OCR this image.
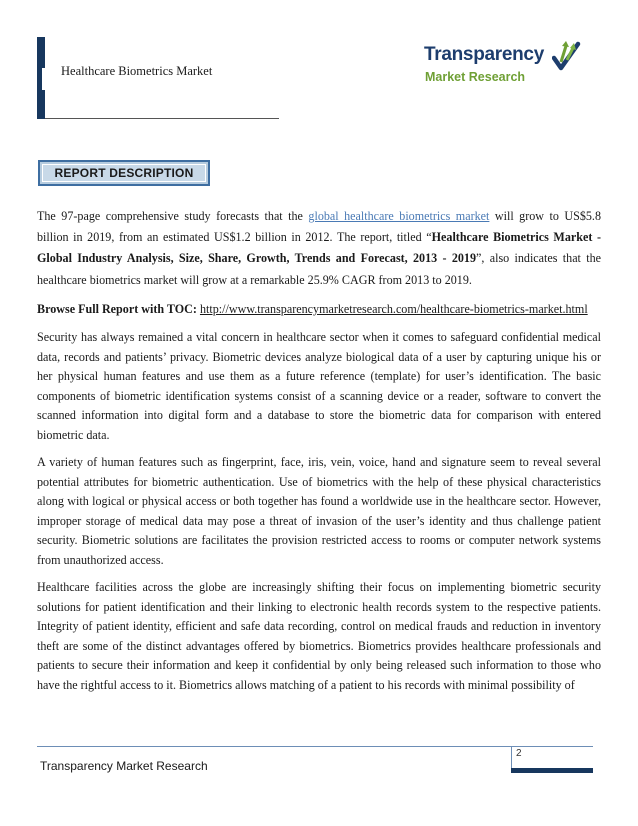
Healthcare Biometrics Market
Transparency
Market Research
REPORT DESCRIPTION

The 97-page comprehensive study forecasts that the global healthcare biometrics market will grow to US$5.8 billion in 2019, from an estimated US$1.2 billion in 2012. The report, titled “Healthcare Biometrics Market - Global Industry Analysis, Size, Share, Growth, Trends and Forecast, 2013 - 2019”, also indicates that the healthcare biometrics market will grow at a remarkable 25.9% CAGR from 2013 to 2019.

Browse Full Report with TOC: http://www.transparencymarketresearch.com/healthcare-biometrics-market.html

Security has always remained a vital concern in healthcare sector when it comes to safeguard confidential medical data, records and patients’ privacy. Biometric devices analyze biological data of a user by capturing unique his or her physical human features and use them as a future reference (template) for user’s identification. The basic components of biometric identification systems consist of a scanning device or a reader, software to convert the scanned information into digital form and a database to store the biometric data for comparison with entered biometric data.

A variety of human features such as fingerprint, face, iris, vein, voice, hand and signature seem to reveal several potential attributes for biometric authentication. Use of biometrics with the help of these physical characteristics along with logical or physical access or both together has found a worldwide use in the healthcare sector. However, improper storage of medical data may pose a threat of invasion of the user’s identity and thus challenge patient security. Biometric solutions are facilitates the provision restricted access to rooms or computer network systems from unauthorized access.

Healthcare facilities across the globe are increasingly shifting their focus on implementing biometric security solutions for patient identification and their linking to electronic health records system to the respective patients. Integrity of patient identity, efficient and safe data recording, control on medical frauds and reduction in inventory theft are some of the distinct advantages offered by biometrics. Biometrics provides healthcare professionals and patients to secure their information and keep it confidential by only being released such information to those who have the rightful access to it. Biometrics allows matching of a patient to his records with minimal possibility of

2
Transparency Market Research
